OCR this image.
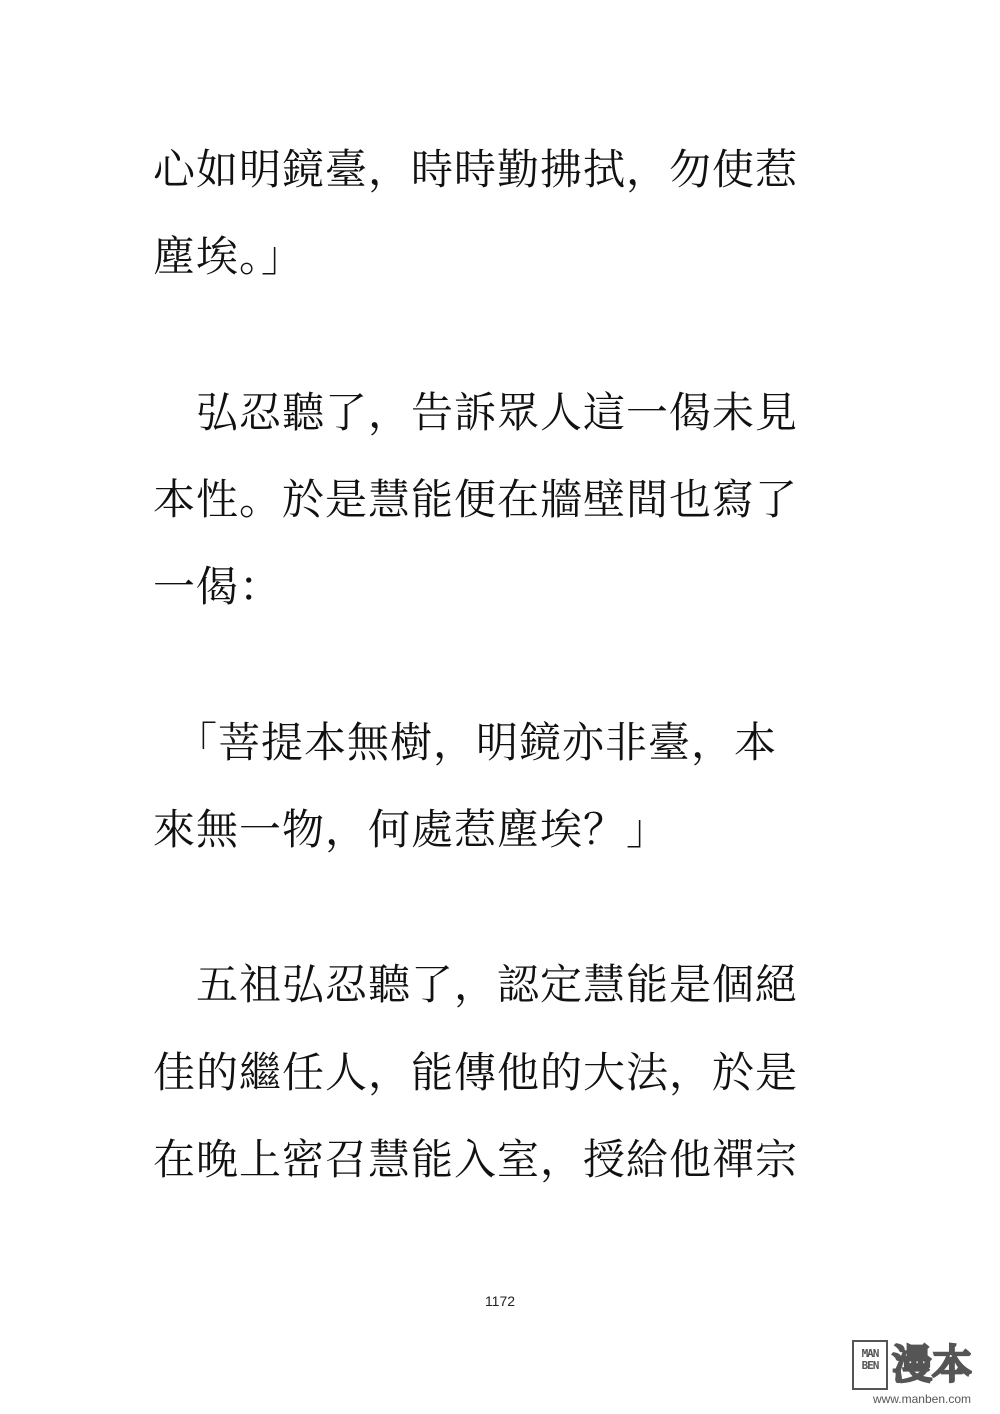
心如明鏡臺，時時勤拂拭，勿使惹
塵埃。」
　弘忍聽了，告訴眾人這一偈未見
本性。於是慧能便在牆壁間也寫了
一偈：
　「菩提本無樹，明鏡亦非臺，本
來無一物，何處惹塵埃？」
　五祖弘忍聽了，認定慧能是個絕
佳的繼任人，能傳他的大法，於是
在晚上密召慧能入室，授給他禪宗
1172
MAN BEN 漫本
www.manben.com
